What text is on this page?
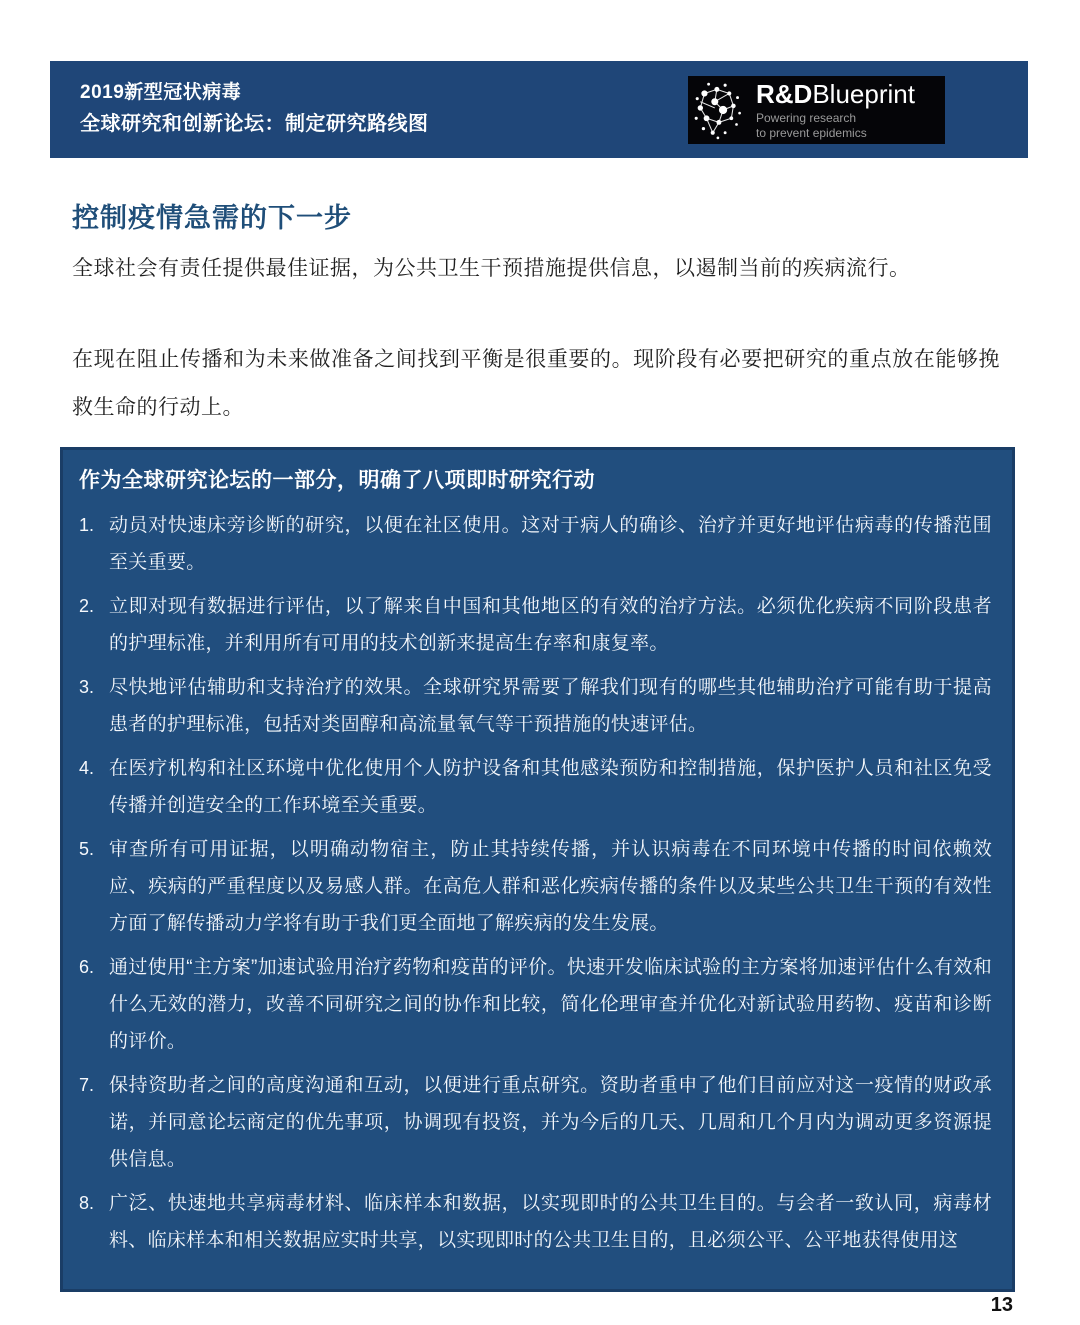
2019新型冠状病毒
全球研究和创新论坛：制定研究路线图
R&DBlueprint
Powering research
to prevent epidemics
控制疫情急需的下一步

全球社会有责任提供最佳证据，为公共卫生干预措施提供信息，以遏制当前的疾病流行。

在现在阻止传播和为未来做准备之间找到平衡是很重要的。现阶段有必要把研究的重点放在能够挽救生命的行动上。

作为全球研究论坛的一部分，明确了八项即时研究行动
1. 动员对快速床旁诊断的研究，以便在社区使用。这对于病人的确诊、治疗并更好地评估病毒的传播范围至关重要。
2. 立即对现有数据进行评估，以了解来自中国和其他地区的有效的治疗方法。必须优化疾病不同阶段患者的护理标准，并利用所有可用的技术创新来提高生存率和康复率。
3. 尽快地评估辅助和支持治疗的效果。全球研究界需要了解我们现有的哪些其他辅助治疗可能有助于提高患者的护理标准，包括对类固醇和高流量氧气等干预措施的快速评估。
4. 在医疗机构和社区环境中优化使用个人防护设备和其他感染预防和控制措施，保护医护人员和社区免受传播并创造安全的工作环境至关重要。
5. 审查所有可用证据，以明确动物宿主，防止其持续传播，并认识病毒在不同环境中传播的时间依赖效应、疾病的严重程度以及易感人群。在高危人群和恶化疾病传播的条件以及某些公共卫生干预的有效性方面了解传播动力学将有助于我们更全面地了解疾病的发生发展。
6. 通过使用“主方案”加速试验用治疗药物和疫苗的评价。快速开发临床试验的主方案将加速评估什么有效和什么无效的潜力，改善不同研究之间的协作和比较，简化伦理审查并优化对新试验用药物、疫苗和诊断的评价。
7. 保持资助者之间的高度沟通和互动，以便进行重点研究。资助者重申了他们目前应对这一疫情的财政承诺，并同意论坛商定的优先事项，协调现有投资，并为今后的几天、几周和几个月内为调动更多资源提供信息。
8. 广泛、快速地共享病毒材料、临床样本和数据，以实现即时的公共卫生目的。与会者一致认同，病毒材料、临床样本和相关数据应实时共享，以实现即时的公共卫生目的，且必须公平、公平地获得使用这
13
